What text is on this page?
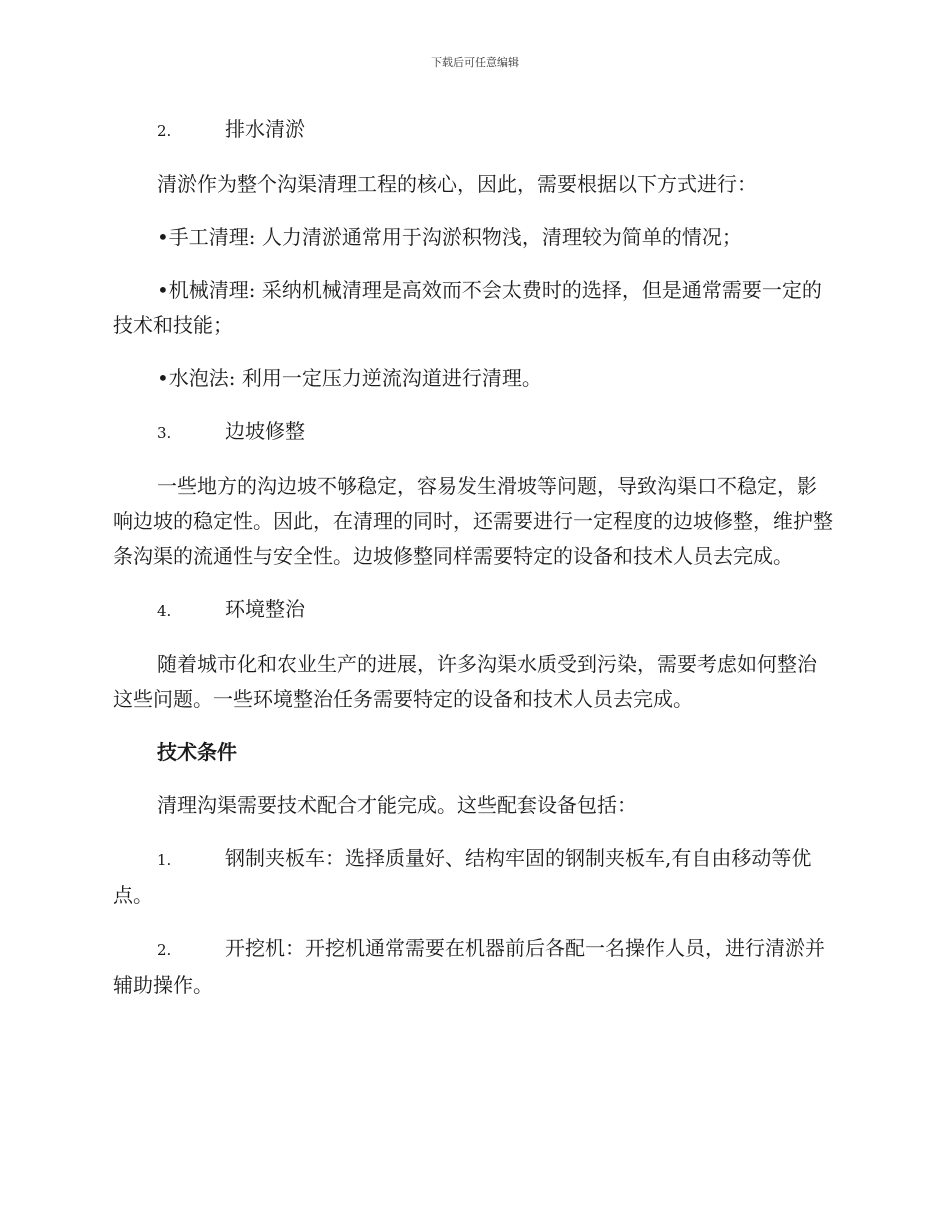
下载后可任意编辑

2.	排水清淤

清淤作为整个沟渠清理工程的核心，因此，需要根据以下方式进行：

•手工清理: 人力清淤通常用于沟淤积物浅，清理较为简单的情况；

•机械清理: 采纳机械清理是高效而不会太费时的选择，但是通常需要一定的技术和技能；

•水泡法: 利用一定压力逆流沟道进行清理。

3.	边坡修整

一些地方的沟边坡不够稳定，容易发生滑坡等问题，导致沟渠口不稳定，影响边坡的稳定性。因此，在清理的同时，还需要进行一定程度的边坡修整，维护整条沟渠的流通性与安全性。边坡修整同样需要特定的设备和技术人员去完成。

4.	环境整治

随着城市化和农业生产的进展，许多沟渠水质受到污染，需要考虑如何整治这些问题。一些环境整治任务需要特定的设备和技术人员去完成。

技术条件

清理沟渠需要技术配合才能完成。这些配套设备包括：

1.	钢制夹板车：选择质量好、结构牢固的钢制夹板车,有自由移动等优点。

2.	开挖机：开挖机通常需要在机器前后各配一名操作人员，进行清淤并辅助操作。
